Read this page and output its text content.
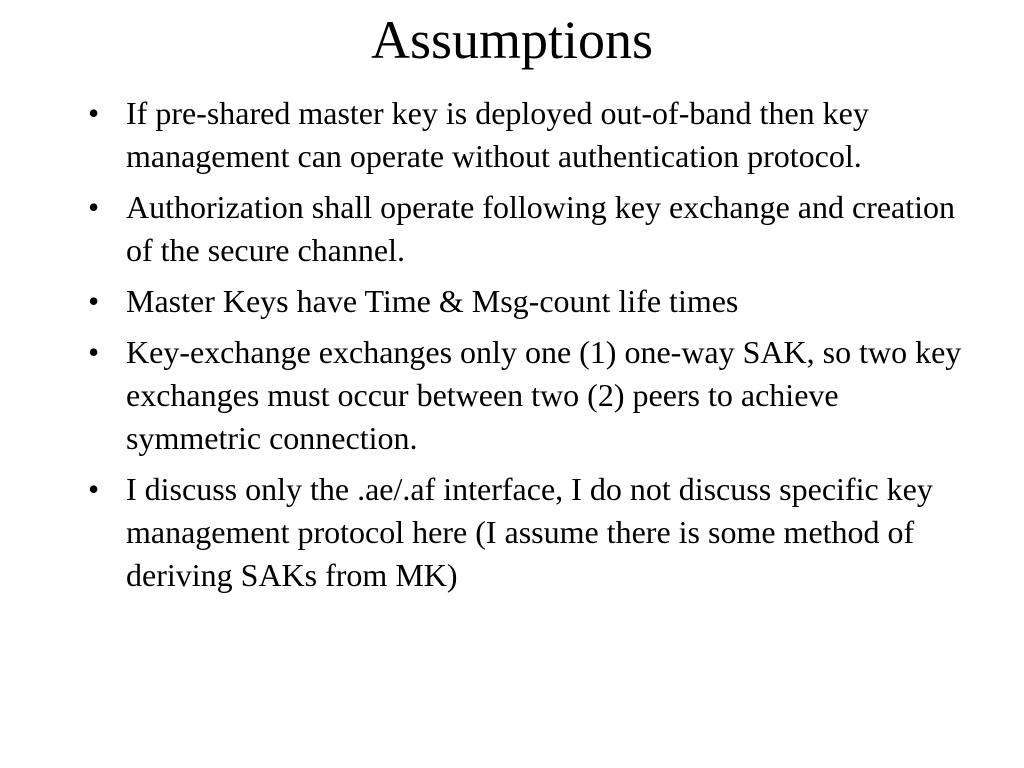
Assumptions
• If pre-shared master key is deployed out-of-band then key management can operate without authentication protocol.
• Authorization shall operate following key exchange and creation of the secure channel.
• Master Keys have Time & Msg-count life times
• Key-exchange exchanges only one (1) one-way SAK, so two key exchanges must occur between two (2) peers to achieve symmetric connection.
• I discuss only the .ae/.af interface, I do not discuss specific key management protocol here (I assume there is some method of deriving SAKs from MK)
